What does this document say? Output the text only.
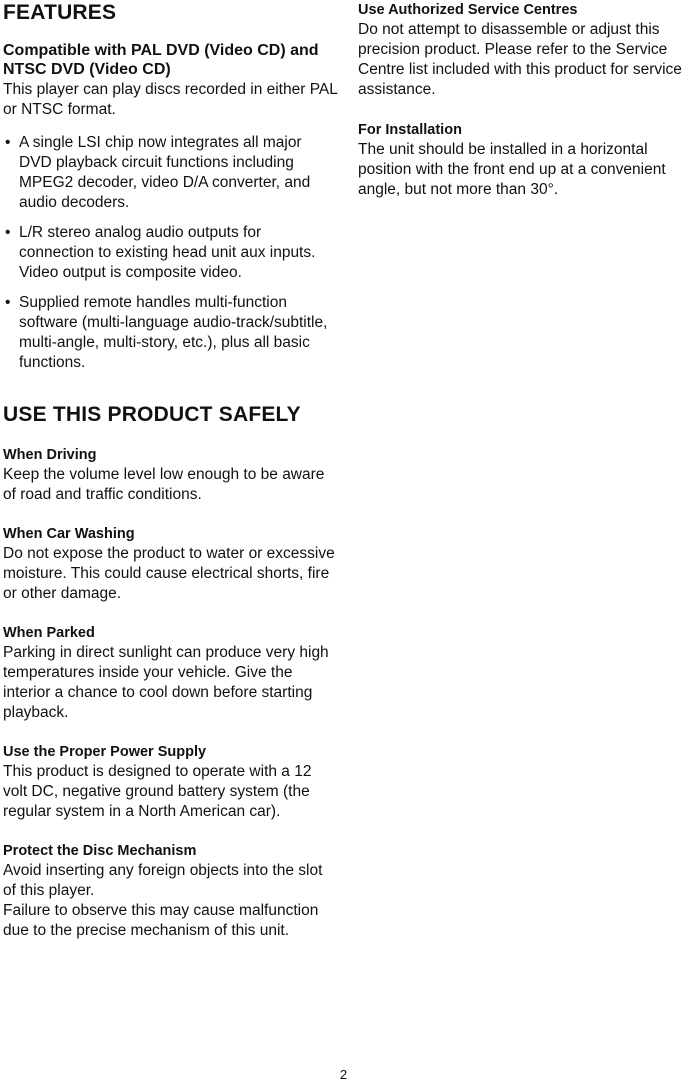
FEATURES
Compatible with PAL DVD (Video CD) and NTSC DVD (Video CD)

This player can play discs recorded in either PAL or NTSC format.

• A single LSI chip now integrates all major DVD playback circuit functions including MPEG2 decoder, video D/A converter, and audio decoders.
• L/R stereo analog audio outputs for connection to existing head unit aux inputs. Video output is composite video.
• Supplied remote handles multi-function software (multi-language audio-track/subtitle, multi-angle, multi-story, etc.), plus all basic functions.
USE THIS PRODUCT SAFELY
When Driving

Keep the volume level low enough to be aware of road and traffic conditions.

When Car Washing

Do not expose the product to water or excessive moisture. This could cause electrical shorts, fire or other damage.

When Parked

Parking in direct sunlight can produce very high temperatures inside your vehicle. Give the interior a chance to cool down before starting playback.

Use the Proper Power Supply

This product is designed to operate with a 12 volt DC, negative ground battery system (the regular system in a North American car).

Protect the Disc Mechanism

Avoid inserting any foreign objects into the slot of this player.

Failure to observe this may cause malfunction due to the precise mechanism of this unit.

Use Authorized Service Centres

Do not attempt to disassemble or adjust this precision product. Please refer to the Service Centre list included with this product for service assistance.

For Installation

The unit should be installed in a horizontal position with the front end up at a convenient angle, but not more than 30°.

2
